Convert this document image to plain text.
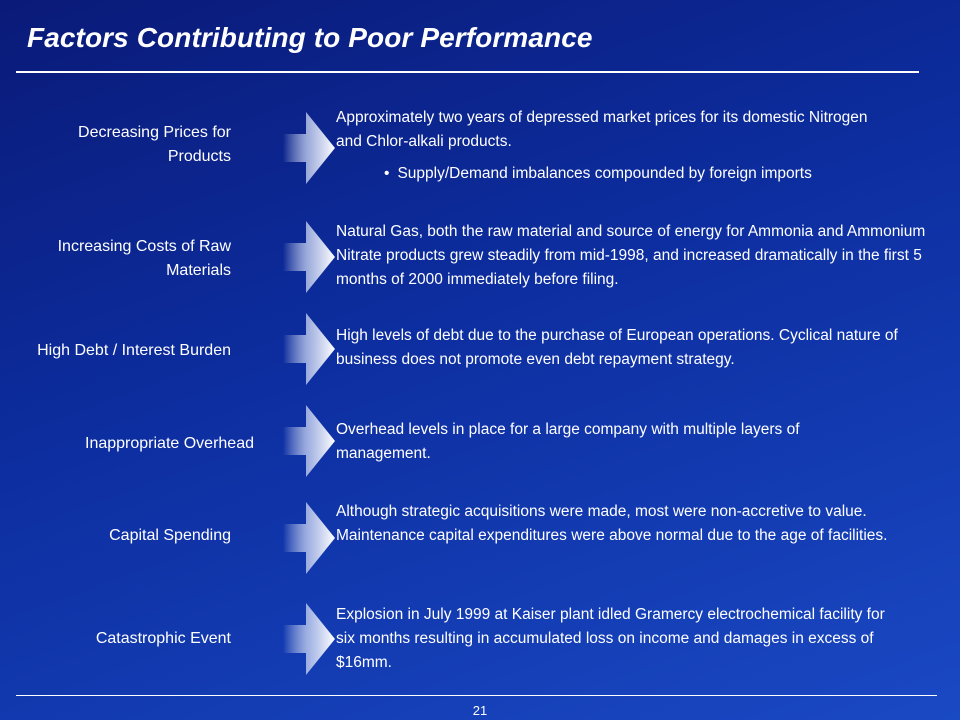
Factors Contributing to Poor Performance
Decreasing Prices for
Products
Approximately two years of depressed market prices for its domestic Nitrogen and Chlor-alkali products.
• Supply/Demand imbalances compounded by foreign imports
Increasing Costs of Raw
Materials
Natural Gas, both the raw material and source of energy for Ammonia and Ammonium Nitrate products grew steadily from mid-1998, and increased dramatically in the first 5 months of 2000 immediately before filing.
High Debt / Interest Burden
High levels of debt due to the purchase of European operations. Cyclical nature of business does not promote even debt repayment strategy.
Inappropriate Overhead
Overhead levels in place for a large company with multiple layers of management.
Capital Spending
Although strategic acquisitions were made, most were non-accretive to value. Maintenance capital expenditures were above normal due to the age of facilities.
Catastrophic Event
Explosion in July 1999 at Kaiser plant idled Gramercy electrochemical facility for six months resulting in accumulated loss on income and damages in excess of $16mm.
21
